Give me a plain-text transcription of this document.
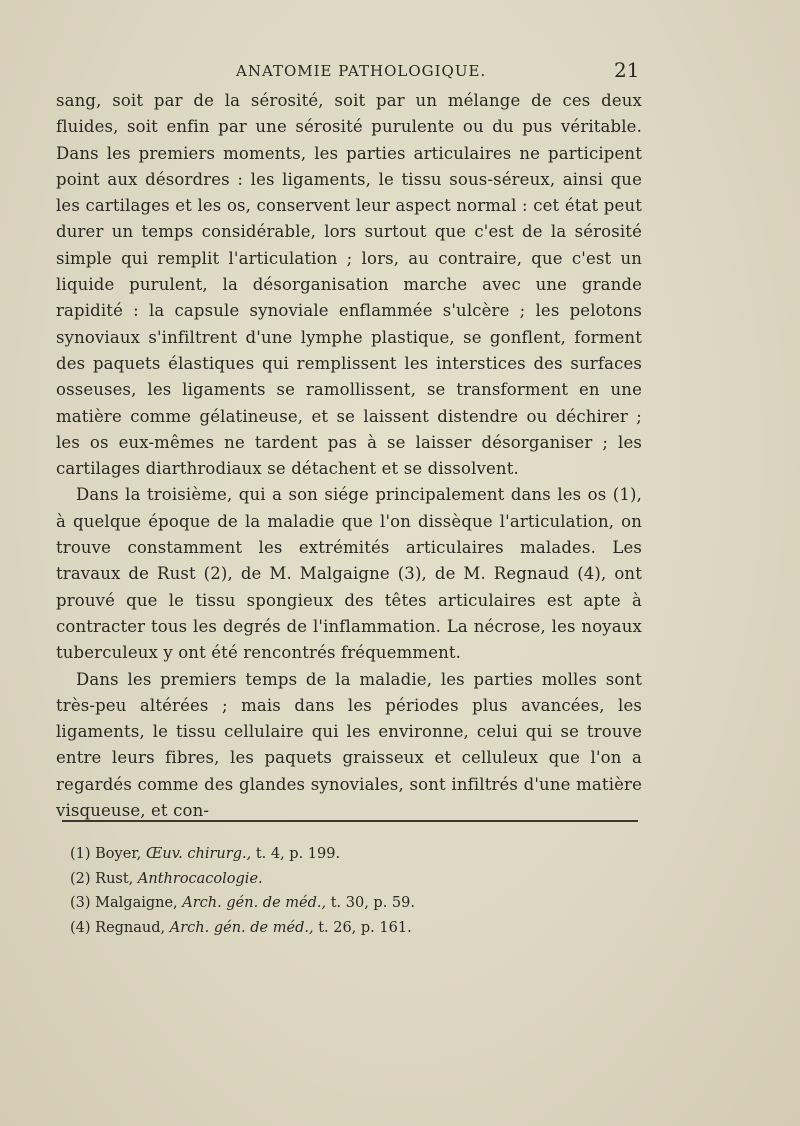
ANATOMIE PATHOLOGIQUE.	21

sang, soit par de la sérosité, soit par un mélange de ces deux fluides, soit enfin par une sérosité purulente ou du pus véritable. Dans les premiers moments, les parties articulaires ne participent point aux désordres : les ligaments, le tissu sous-séreux, ainsi que les cartilages et les os, conservent leur aspect normal : cet état peut durer un temps considérable, lors surtout que c'est de la sérosité simple qui remplit l'articulation ; lors, au contraire, que c'est un liquide purulent, la désorganisation marche avec une grande rapidité : la capsule synoviale enflammée s'ulcère ; les pelotons synoviaux s'infiltrent d'une lymphe plastique, se gonflent, forment des paquets élastiques qui remplissent les interstices des surfaces osseuses, les ligaments se ramollissent, se transforment en une matière comme gélatineuse, et se laissent distendre ou déchirer ; les os eux-mêmes ne tardent pas à se laisser désorganiser ; les cartilages diarthrodiaux se détachent et se dissolvent.

Dans la troisième, qui a son siége principalement dans les os (1), à quelque époque de la maladie que l'on dissèque l'articulation, on trouve constamment les extrémités articulaires malades. Les travaux de Rust (2), de M. Malgaigne (3), de M. Regnaud (4), ont prouvé que le tissu spongieux des têtes articulaires est apte à contracter tous les degrés de l'inflammation. La nécrose, les noyaux tuberculeux y ont été rencontrés fréquemment.

Dans les premiers temps de la maladie, les parties molles sont très-peu altérées ; mais dans les périodes plus avancées, les ligaments, le tissu cellulaire qui les environne, celui qui se trouve entre leurs fibres, les paquets graisseux et celluleux que l'on a regardés comme des glandes synoviales, sont infiltrés d'une matière visqueuse, et con-

(1) Boyer, Œuv. chirurg., t. 4, p. 199.
(2) Rust, Anthrocacologie.
(3) Malgaigne, Arch. gén. de méd., t. 30, p. 59.
(4) Regnaud, Arch. gén. de méd., t. 26, p. 161.
